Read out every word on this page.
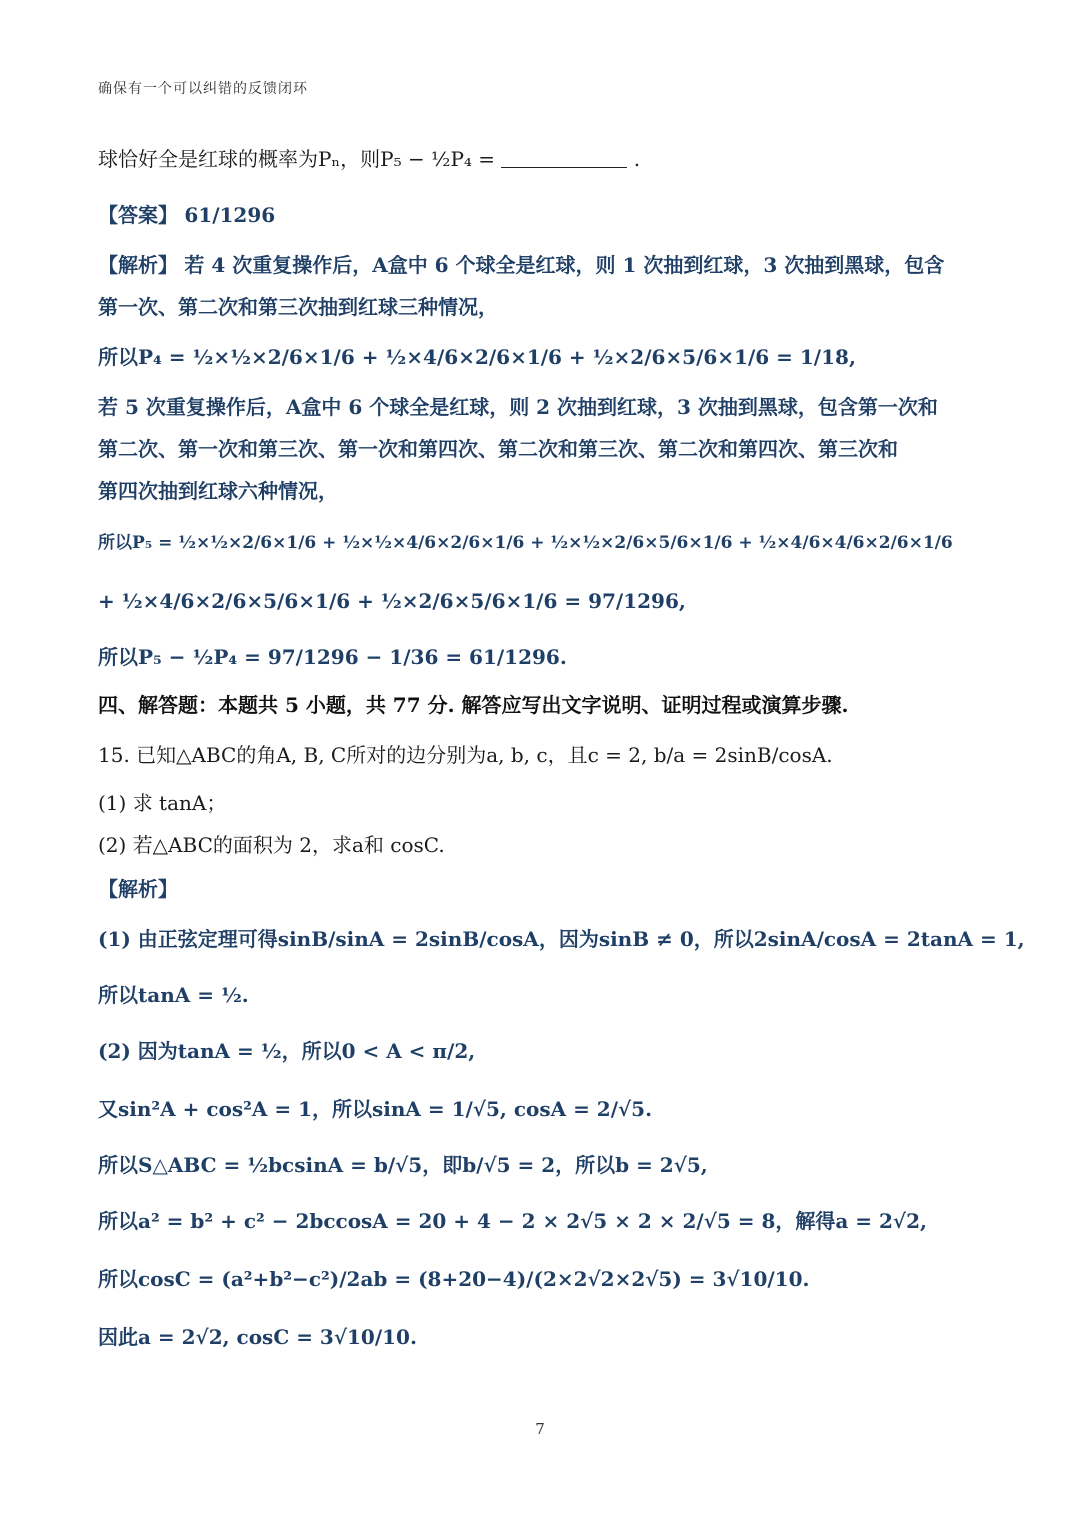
确保有一个可以纠错的反馈闭环
球恰好全是红球的概率为Pₙ，则P₅ − ½P₄ =	.
【答案】 61/1296
【解析】 若 4 次重复操作后，A盒中 6 个球全是红球，则 1 次抽到红球，3 次抽到黑球，包含
第一次、第二次和第三次抽到红球三种情况，
所以P₄ = ½×½×2/6×1/6 + ½×4/6×2/6×1/6 + ½×2/6×5/6×1/6 = 1/18,
若 5 次重复操作后，A盒中 6 个球全是红球，则 2 次抽到红球，3 次抽到黑球，包含第一次和
第二次、第一次和第三次、第一次和第四次、第二次和第三次、第二次和第四次、第三次和
第四次抽到红球六种情况，
所以P₅ = ½×½×2/6×1/6 + ½×½×4/6×2/6×1/6 + ½×½×2/6×5/6×1/6 + ½×4/6×4/6×2/6×1/6
+ ½×4/6×2/6×5/6×1/6 + ½×2/6×5/6×1/6 = 97/1296,
所以P₅ − ½P₄ = 97/1296 − 1/36 = 61/1296.
四、解答题：本题共 5 小题，共 77 分. 解答应写出文字说明、证明过程或演算步骤.
15. 已知△ABC的角A, B, C所对的边分别为a, b, c，且c = 2, b/a = 2sinB/cosA.
(1) 求 tanA；
(2) 若△ABC的面积为 2，求a和 cosC.
【解析】
(1) 由正弦定理可得sinB/sinA = 2sinB/cosA，因为sinB ≠ 0，所以2sinA/cosA = 2tanA = 1,
所以tanA = ½.
(2) 因为tanA = ½，所以0 < A < π/2,
又sin²A + cos²A = 1，所以sinA = 1/√5, cosA = 2/√5.
所以S△ABC = ½bcsinA = b/√5，即b/√5 = 2，所以b = 2√5,
所以a² = b² + c² − 2bccosA = 20 + 4 − 2 × 2√5 × 2 × 2/√5 = 8，解得a = 2√2,
所以cosC = (a²+b²−c²)/2ab = (8+20−4)/(2×2√2×2√5) = 3√10/10.
因此a = 2√2, cosC = 3√10/10.
7
